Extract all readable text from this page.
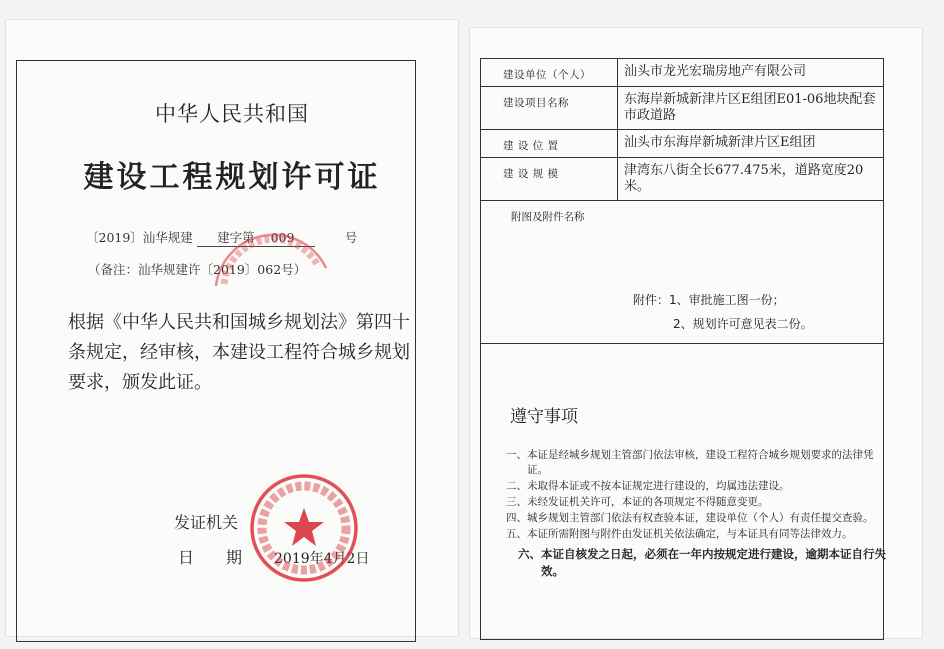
中华人民共和国
建设工程规划许可证
〔2019〕汕华规建 建字第 009	号
（备注：汕华规建许〔2019〕062号）
根据《中华人民共和国城乡规划法》第四十条规定，经审核，本建设工程符合城乡规划要求，颁发此证。
发证机关
日　　期 2019年4月2日
建设单位（个人）	汕头市龙光宏瑞房地产有限公司
建设项目名称	东海岸新城新津片区E组团E01-06地块配套市政道路
建 设 位 置	汕头市东海岸新城新津片区E组团
建 设 规 模	津湾东八街全长677.475米，道路宽度20米。

附图及附件名称
附件：1、审批施工图一份；
2、规划许可意见表二份。	
遵守事项
一、 本证是经城乡规划主管部门依法审核，建设工程符合城乡规划要求的法律凭证。
二、 未取得本证或不按本证规定进行建设的，均属违法建设。
三、 未经发证机关许可，本证的各项规定不得随意变更。
四、 城乡规划主管部门依法有权查验本证，建设单位（个人）有责任提交查验。
五、 本证所需附图与附件由发证机关依法确定，与本证具有同等法律效力。
六、 本证自核发之日起，必须在一年内按规定进行建设，逾期本证自行失效。
